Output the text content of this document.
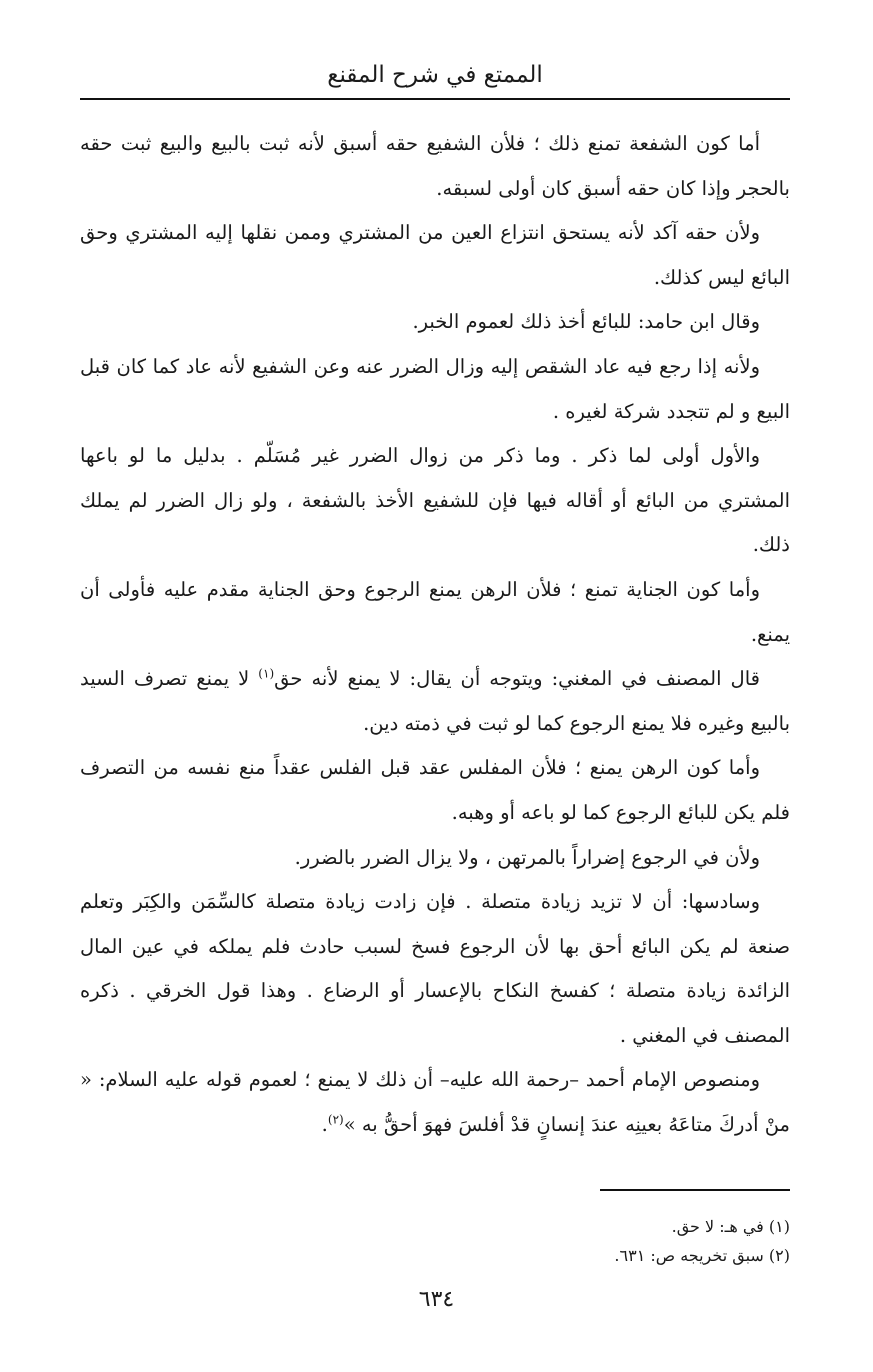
الممتع في شرح المقنع

أما كون الشفعة تمنع ذلك ؛ فلأن الشفيع حقه أسبق لأنه ثبت بالبيع والبيع ثبت حقه بالحجر وإذا كان حقه أسبق كان أولى لسبقه.

ولأن حقه آكد لأنه يستحق انتزاع العين من المشتري وممن نقلها إليه المشتري وحق البائع ليس كذلك.

وقال ابن حامد: للبائع أخذ ذلك لعموم الخبر.

ولأنه إذا رجع فيه عاد الشقص إليه وزال الضرر عنه وعن الشفيع لأنه عاد كما كان قبل البيع و لم تتجدد شركة لغيره .

والأول أولى لما ذكر . وما ذكر من زوال الضرر غير مُسَلّم . بدليل ما لو باعها المشتري من البائع أو أقاله فيها فإن للشفيع الأخذ بالشفعة ، ولو زال الضرر لم يملك ذلك.

وأما كون الجناية تمنع ؛ فلأن الرهن يمنع الرجوع وحق الجناية مقدم عليه فأولى أن يمنع.

قال المصنف في المغني: ويتوجه أن يقال: لا يمنع لأنه حق$^{(١)}$ لا يمنع تصرف السيد بالبيع وغيره فلا يمنع الرجوع كما لو ثبت في ذمته دين.

وأما كون الرهن يمنع ؛ فلأن المفلس عقد قبل الفلس عقداً منع نفسه من التصرف فلم يكن للبائع الرجوع كما لو باعه أو وهبه.

ولأن في الرجوع إضراراً بالمرتهن ، ولا يزال الضرر بالضرر.

وسادسها: أن لا تزيد زيادة متصلة . فإن زادت زيادة متصلة كالسِّمَن والكِبَر وتعلم صنعة لم يكن البائع أحق بها لأن الرجوع فسخ لسبب حادث فلم يملكه في عين المال الزائدة زيادة متصلة ؛ كفسخ النكاح بالإعسار أو الرضاع . وهذا قول الخرقي . ذكره المصنف في المغني .

ومنصوص الإمام أحمد –رحمة الله عليه– أن ذلك لا يمنع ؛ لعموم قوله عليه السلام: « منْ أدركَ متاعَهُ بعينِه عندَ إنسانٍ قدْ أفلسَ فهوَ أحقُّ به »$^{(٢)}$.

(١) في هـ: لا حق.
(٢) سبق تخريجه ص: ٦٣١.
٦٣٤
